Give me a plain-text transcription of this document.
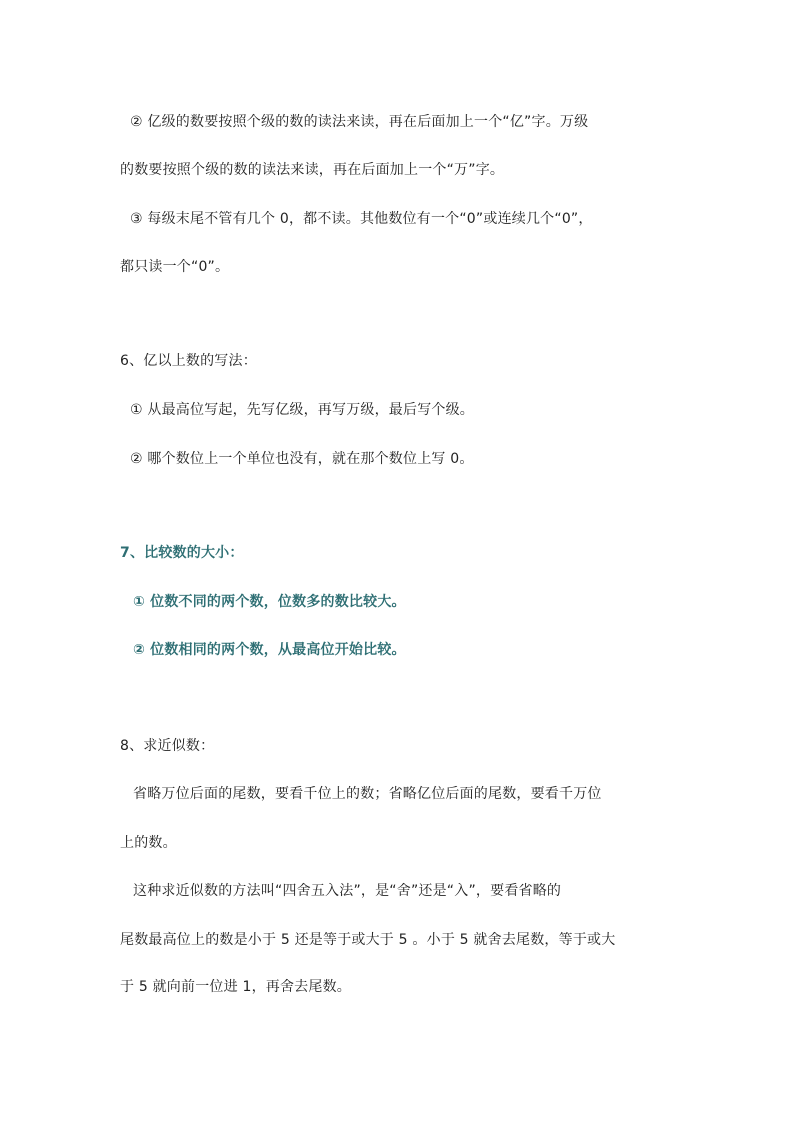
② 亿级的数要按照个级的数的读法来读，再在后面加上一个“亿”字。万级
的数要按照个级的数的读法来读，再在后面加上一个“万”字。
③ 每级末尾不管有几个 0，都不读。其他数位有一个“0”或连续几个“0”，
都只读一个“0”。
6、亿以上数的写法：
① 从最高位写起，先写亿级，再写万级，最后写个级。
② 哪个数位上一个单位也没有，就在那个数位上写 0。
7、比较数的大小：
① 位数不同的两个数，位数多的数比较大。
② 位数相同的两个数，从最高位开始比较。
8、求近似数：
省略万位后面的尾数，要看千位上的数；省略亿位后面的尾数，要看千万位
上的数。
这种求近似数的方法叫“四舍五入法”，是“舍”还是“入”，要看省略的
尾数最高位上的数是小于 5 还是等于或大于 5 。小于 5 就舍去尾数，等于或大
于 5 就向前一位进 1，再舍去尾数。
